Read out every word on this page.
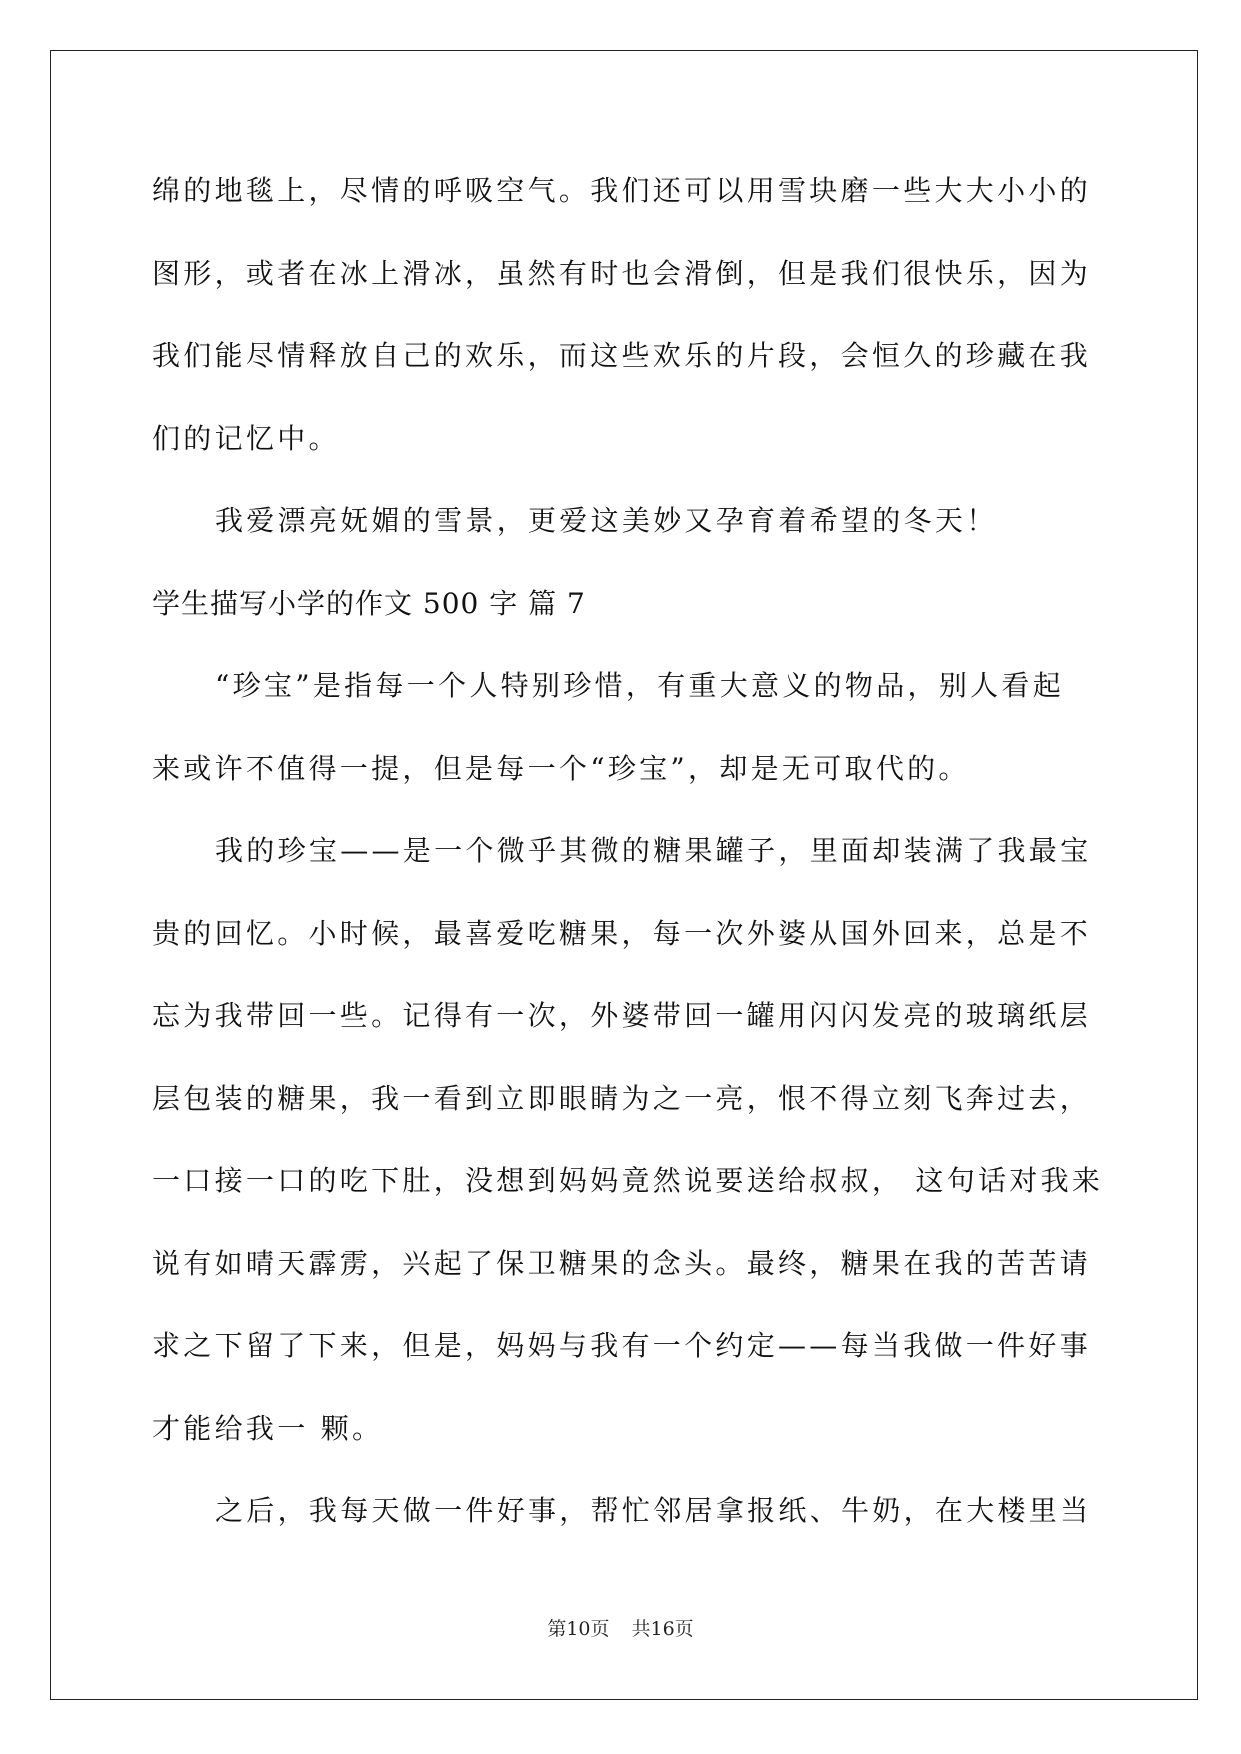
绵的地毯上，尽情的呼吸空气。我们还可以用雪块磨一些大大小小的
图形，或者在冰上滑冰，虽然有时也会滑倒，但是我们很快乐，因为
我们能尽情释放自己的欢乐，而这些欢乐的片段，会恒久的珍藏在我
们的记忆中。
我爱漂亮妩媚的雪景，更爱这美妙又孕育着希望的冬天！
学生描写小学的作文 500 字 篇 7
“珍宝”是指每一个人特别珍惜，有重大意义的物品，别人看起
来或许不值得一提，但是每一个“珍宝”，却是无可取代的。
我的珍宝——是一个微乎其微的糖果罐子，里面却装满了我最宝
贵的回忆。小时候，最喜爱吃糖果，每一次外婆从国外回来，总是不
忘为我带回一些。记得有一次，外婆带回一罐用闪闪发亮的玻璃纸层
层包装的糖果，我一看到立即眼睛为之一亮，恨不得立刻飞奔过去，
一口接一口的吃下肚，没想到妈妈竟然说要送给叔叔， 这句话对我来
说有如晴天霹雳，兴起了保卫糖果的念头。最终，糖果在我的苦苦请
求之下留了下来，但是，妈妈与我有一个约定——每当我做一件好事
才能给我一 颗。
之后，我每天做一件好事，帮忙邻居拿报纸、牛奶，在大楼里当
第10页 共16页
